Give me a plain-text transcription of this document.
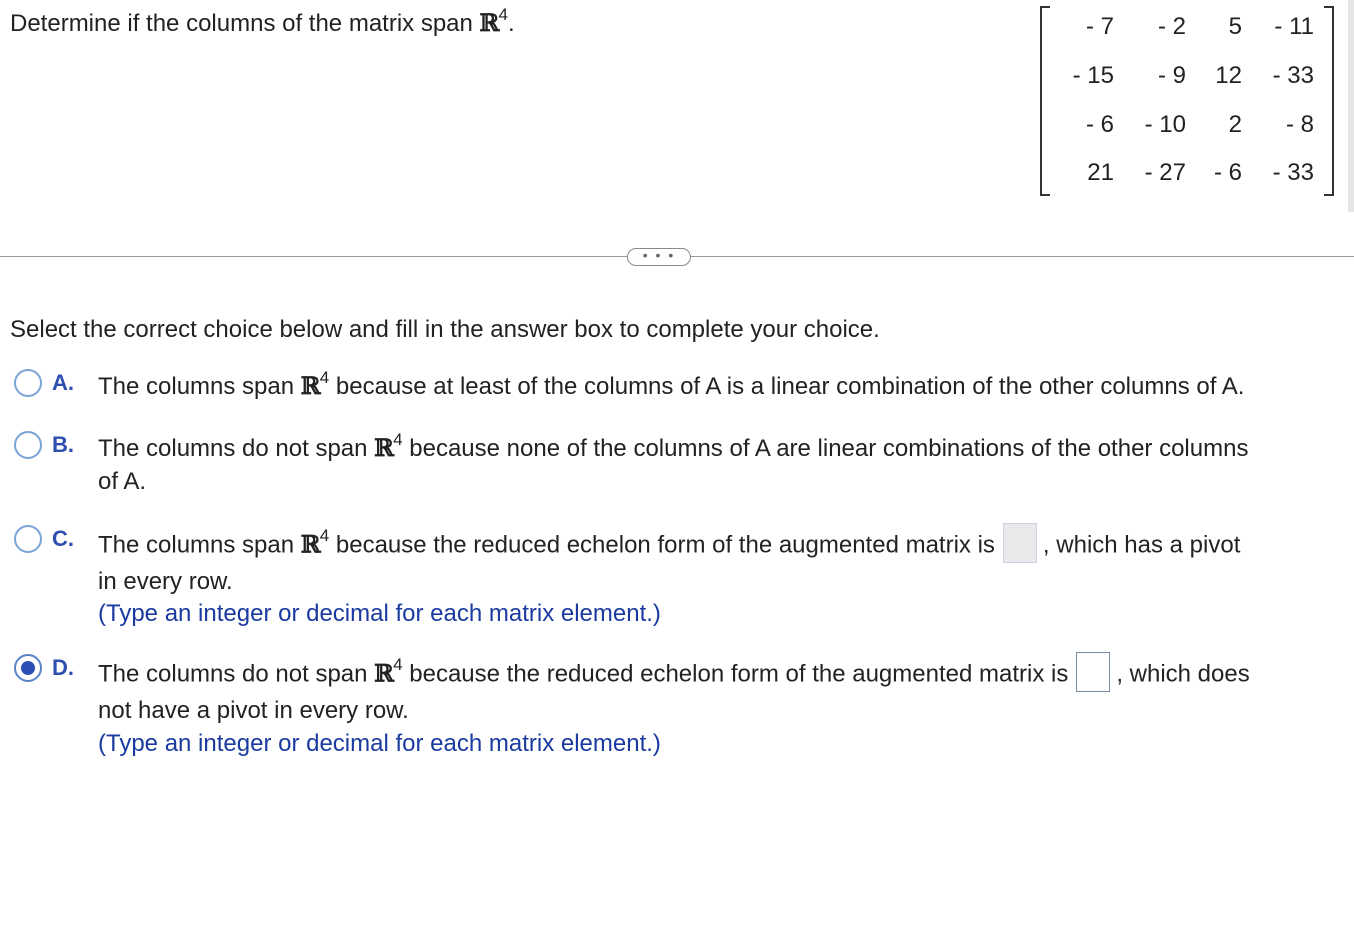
Determine if the columns of the matrix span ℝ$^4$.	- 7 - 2 5 - 11
- 15 - 9 12 - 33
- 6 - 10 2 - 8
21 - 27 - 6 - 33
• • •
Select the correct choice below and fill in the answer box to complete your choice.
A. The columns span ℝ$^4$ because at least of the columns of A is a linear combination of the other columns of A.
B. The columns do not span ℝ$^4$ because none of the columns of A are linear combinations of the other columns
of A.
C. The columns span ℝ$^4$ because the reduced echelon form of the augmented matrix is , which has a pivot
in every row.
(Type an integer or decimal for each matrix element.)
D. The columns do not span ℝ$^4$ because the reduced echelon form of the augmented matrix is , which does
not have a pivot in every row.
(Type an integer or decimal for each matrix element.)
